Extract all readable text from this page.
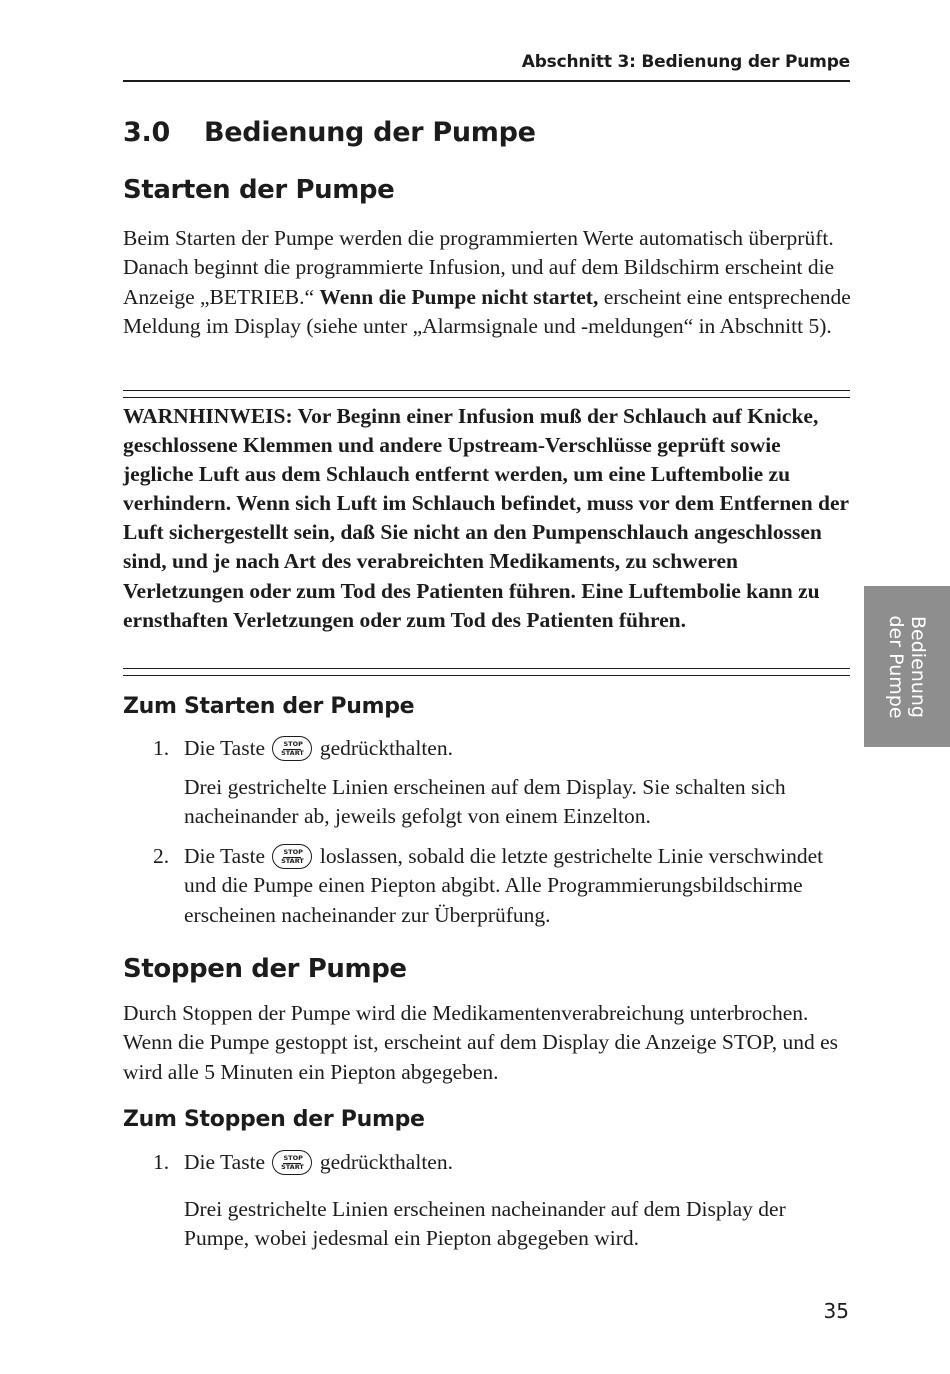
Abschnitt 3: Bedienung der Pumpe
3.0 Bedienung der Pumpe
Starten der Pumpe

Beim Starten der Pumpe werden die programmierten Werte automatisch überprüft. Danach beginnt die programmierte Infusion, und auf dem Bildschirm erscheint die Anzeige „BETRIEB.“ Wenn die Pumpe nicht startet, erscheint eine entsprechende Meldung im Display (siehe unter „Alarmsignale und -meldungen“ in Abschnitt 5).

WARNHINWEIS: Vor Beginn einer Infusion muß der Schlauch auf Knicke, geschlossene Klemmen und andere Upstream-Verschlüsse geprüft sowie jegliche Luft aus dem Schlauch entfernt werden, um eine Luftembolie zu verhindern. Wenn sich Luft im Schlauch befindet, muss vor dem Entfernen der Luft sichergestellt sein, daß Sie nicht an den Pumpenschlauch angeschlossen sind, und je nach Art des verabreichten Medikaments, zu schweren Verletzungen oder zum Tod des Patienten führen. Eine Luftembolie kann zu ernsthaften Verletzungen oder zum Tod des Patienten führen.

Zum Starten der Pumpe
1. Die Taste	STOP
START gedrückthalten.
Drei gestrichelte Linien erscheinen auf dem Display. Sie schalten sich nacheinander ab, jeweils gefolgt von einem Einzelton.
2. Die Taste	STOP
START loslassen, sobald die letzte gestrichelte Linie verschwindet und die Pumpe einen Piepton abgibt. Alle Programmierungsbildschirme erscheinen nacheinander zur Überprüfung.
Stoppen der Pumpe

Durch Stoppen der Pumpe wird die Medikamentenverabreichung unterbrochen. Wenn die Pumpe gestoppt ist, erscheint auf dem Display die Anzeige STOP, und es wird alle 5 Minuten ein Piepton abgegeben.

Zum Stoppen der Pumpe
1. Die Taste	STOP
START gedrückthalten.
Drei gestrichelte Linien erscheinen nacheinander auf dem Display der Pumpe, wobei jedesmal ein Piepton abgegeben wird.
Bedienung
der Pumpe
35
